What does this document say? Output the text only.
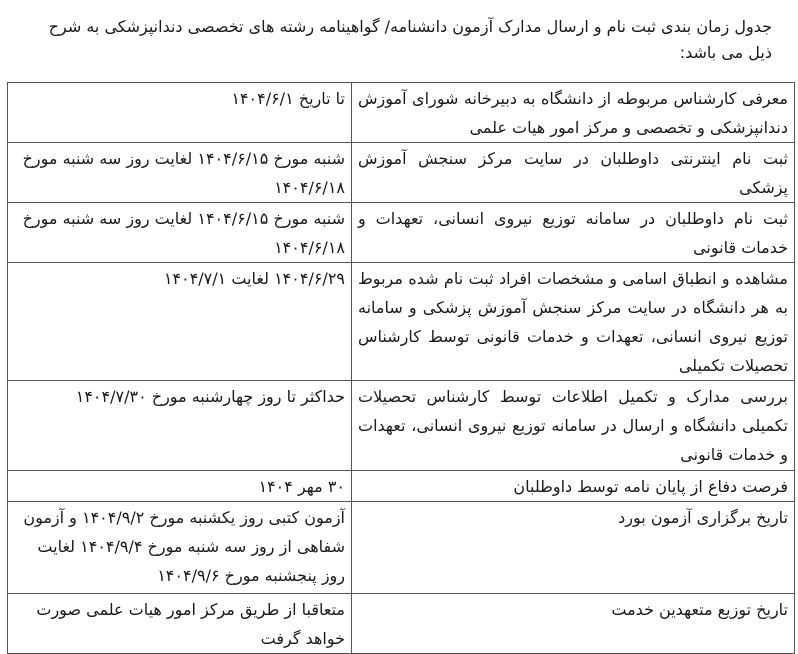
جدول زمان بندی ثبت نام و ارسال مدارک آزمون دانشنامه/ گواهینامه رشته های تخصصی دندانپزشکی به شرح ذیل می باشد:
معرفی کارشناس مربوطه از دانشگاه به دبیرخانه شورای آموزش دندانپزشکی و تخصصی و مرکز امور هیات علمی	تا تاریخ ۱۴۰۴/۶/۱
ثبت نام اینترنتی داوطلبان در سایت مرکز سنجش آموزش پزشکی	شنبه مورخ ۱۴۰۴/۶/۱۵ لغایت روز سه شنبه مورخ ۱۴۰۴/۶/۱۸
ثبت نام داوطلبان در سامانه توزیع نیروی انسانی، تعهدات و خدمات قانونی	شنبه مورخ ۱۴۰۴/۶/۱۵ لغایت روز سه شنبه مورخ ۱۴۰۴/۶/۱۸
مشاهده و انطباق اسامی و مشخصات افراد ثبت نام شده مربوط به هر دانشگاه در سایت مرکز سنجش آموزش پزشکی و سامانه توزیع نیروی انسانی، تعهدات و خدمات قانونی توسط کارشناس تحصیلات تکمیلی	۱۴۰۴/۶/۲۹ لغایت ۱۴۰۴/۷/۱
بررسی مدارک و تکمیل اطلاعات توسط کارشناس تحصیلات تکمیلی دانشگاه و ارسال در سامانه توزیع نیروی انسانی، تعهدات و خدمات قانونی	حداکثر تا روز چهارشنبه مورخ ۱۴۰۴/۷/۳۰
فرصت دفاع از پایان نامه توسط داوطلبان	۳۰ مهر ۱۴۰۴
تاریخ برگزاری آزمون بورد	آزمون کتبی روز یکشنبه مورخ ۱۴۰۴/۹/۲ و آزمون شفاهی از روز سه شنبه مورخ ۱۴۰۴/۹/۴ لغایت روز پنجشنبه مورخ ۱۴۰۴/۹/۶
تاریخ توزیع متعهدین خدمت	متعاقبا از طریق مرکز امور هیات علمی صورت خواهد گرفت
